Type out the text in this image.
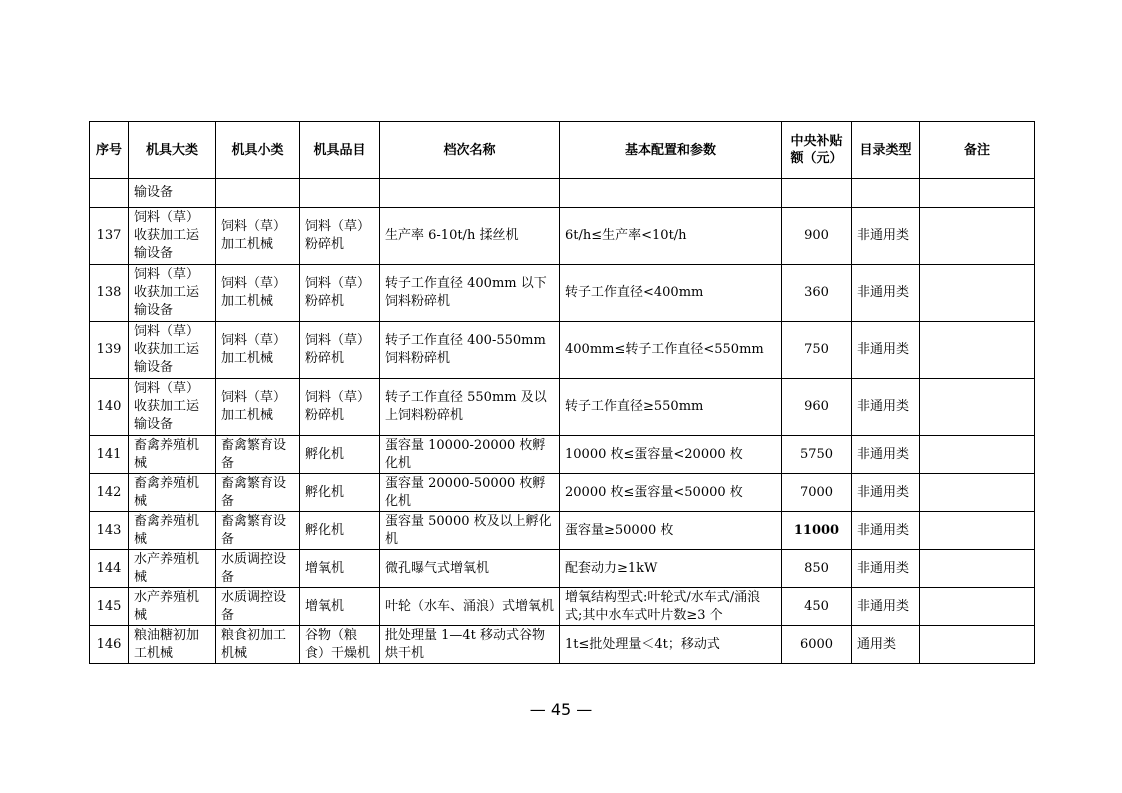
序号	机具大类	机具小类	机具品目	档次名称	基本配置和参数	中央补贴额（元）	目录类型	备注

	输设备							

137	饲料（草）收获加工运输设备	饲料（草）加工机械	饲料（草）粉碎机	生产率 6-10t/h 揉丝机	6t/h≤生产率<10t/h	900	非通用类	

138	饲料（草）收获加工运输设备	饲料（草）加工机械	饲料（草）粉碎机	转子工作直径 400mm 以下饲料粉碎机	转子工作直径<400mm	360	非通用类	

139	饲料（草）收获加工运输设备	饲料（草）加工机械	饲料（草）粉碎机	转子工作直径 400-550mm 饲料粉碎机	400mm≤转子工作直径<550mm	750	非通用类	

140	饲料（草）收获加工运输设备	饲料（草）加工机械	饲料（草）粉碎机	转子工作直径 550mm 及以上饲料粉碎机	转子工作直径≥550mm	960	非通用类	

141	畜禽养殖机械	畜禽繁育设备	孵化机	蛋容量 10000-20000 枚孵化机	10000 枚≤蛋容量<20000 枚	5750	非通用类	

142	畜禽养殖机械	畜禽繁育设备	孵化机	蛋容量 20000-50000 枚孵化机	20000 枚≤蛋容量<50000 枚	7000	非通用类	

143	畜禽养殖机械	畜禽繁育设备	孵化机	蛋容量 50000 枚及以上孵化机	蛋容量≥50000 枚	11000	非通用类	

144	水产养殖机械	水质调控设备	增氧机	微孔曝气式增氧机	配套动力≥1kW	850	非通用类	

145	水产养殖机械	水质调控设备	增氧机	叶轮（水车、涌浪）式增氧机	增氧结构型式:叶轮式/水车式/涌浪式;其中水车式叶片数≥3 个	450	非通用类	

146	粮油糖初加工机械	粮食初加工机械	谷物（粮食）干燥机	批处理量 1—4t 移动式谷物烘干机	1t≤批处理量＜4t；移动式	6000	通用类	

— 45 —
